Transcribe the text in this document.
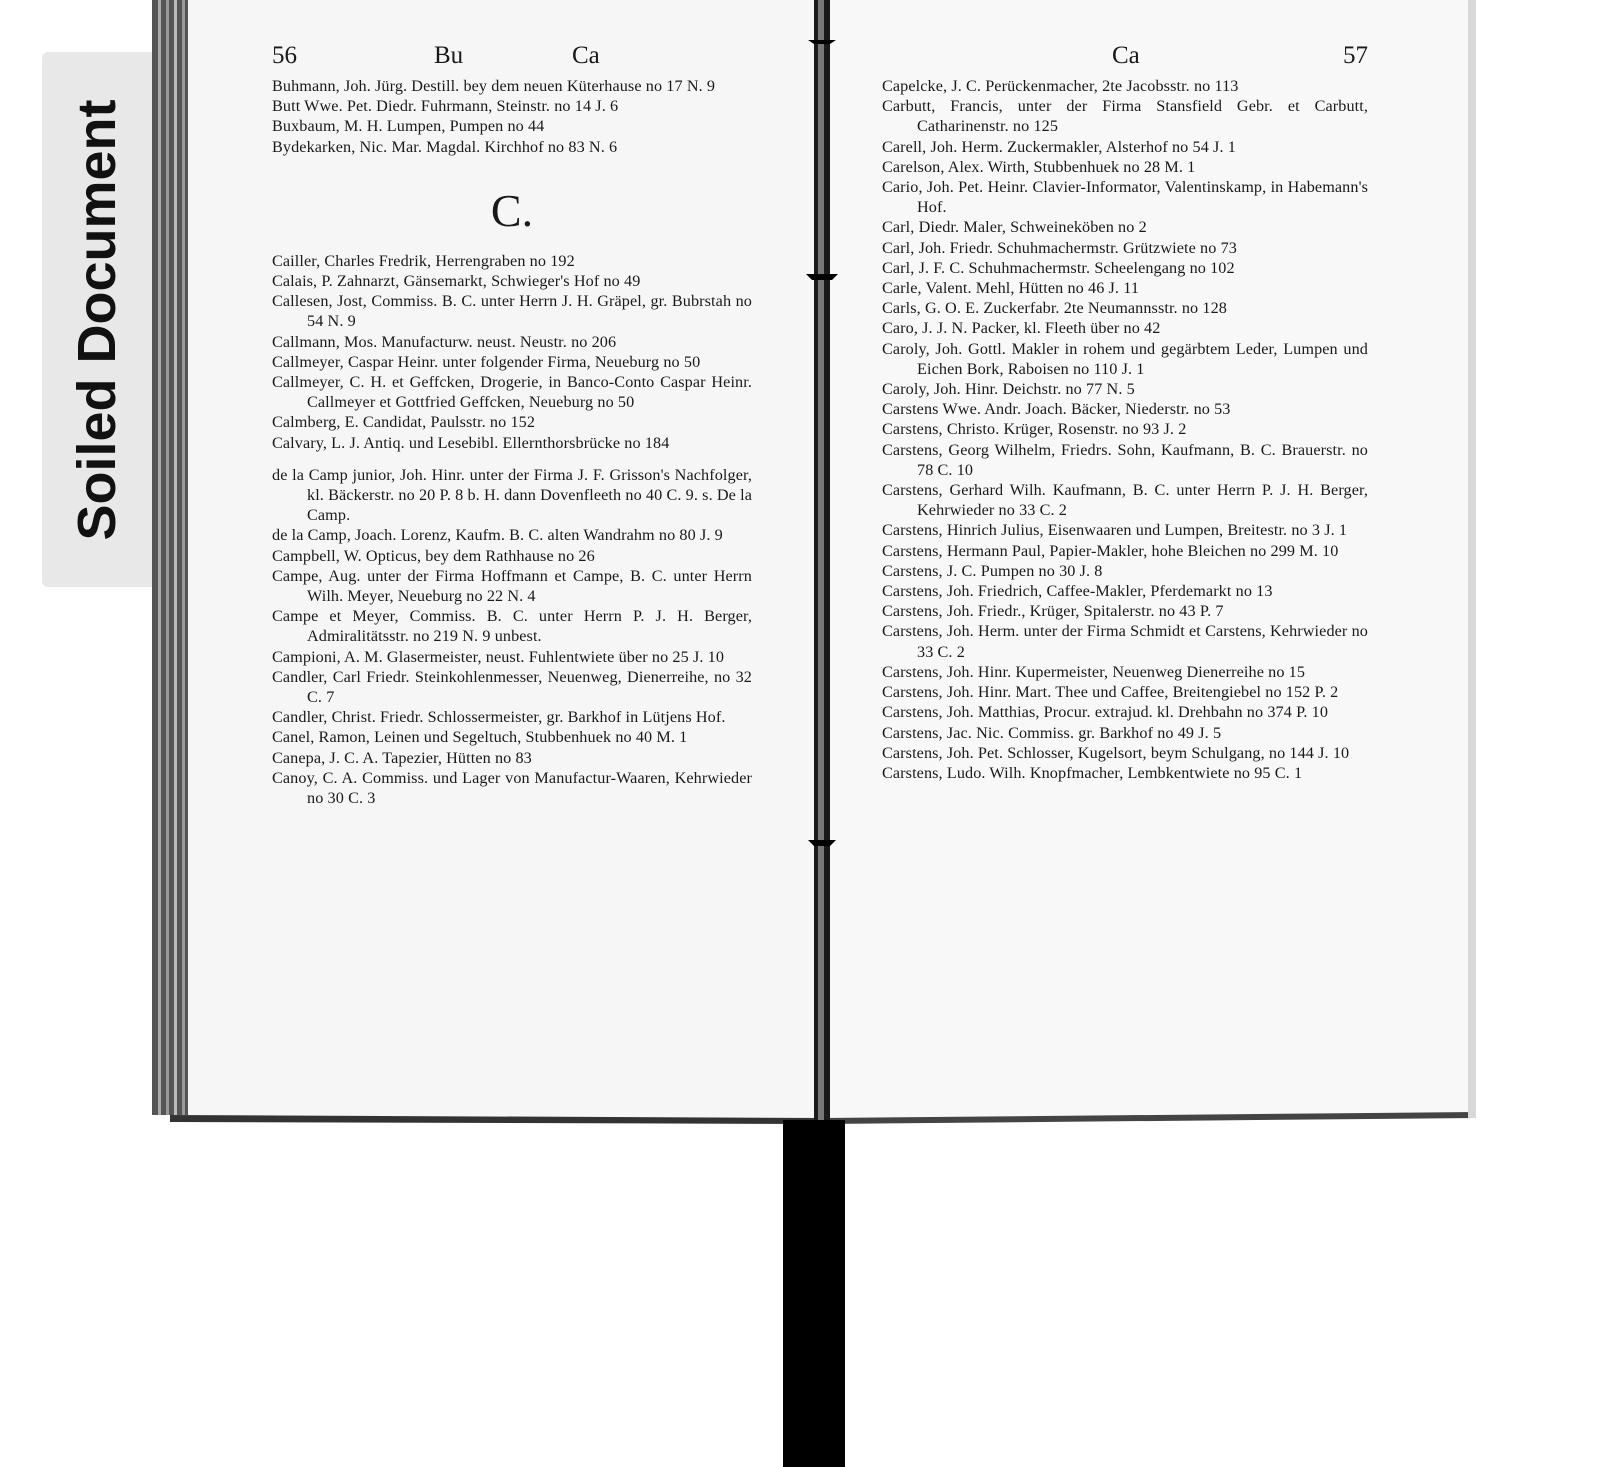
Soiled Document
56	Bu	Ca
Buhmann, Joh. Jürg. Destill. bey dem neuen Küterhause no 17 N. 9
Butt Wwe. Pet. Diedr. Fuhrmann, Steinstr. no 14 J. 6
Buxbaum, M. H. Lumpen, Pumpen no 44
Bydekarken, Nic. Mar. Magdal. Kirchhof no 83 N. 6
C.
Cailler, Charles Fredrik, Herrengraben no 192
Calais, P. Zahnarzt, Gänsemarkt, Schwieger's Hof no 49
Callesen, Jost, Commiss. B. C. unter Herrn J. H. Gräpel, gr. Bubrstah no 54 N. 9
Callmann, Mos. Manufacturw. neust. Neustr. no 206
Callmeyer, Caspar Heinr. unter folgender Firma, Neueburg no 50
Callmeyer, C. H. et Geffcken, Drogerie, in Banco-Conto Caspar Heinr. Callmeyer et Gottfried Geffcken, Neueburg no 50
Calmberg, E. Candidat, Paulsstr. no 152
Calvary, L. J. Antiq. und Lesebibl. Ellernthorsbrücke no 184
de la Camp junior, Joh. Hinr. unter der Firma J. F. Grisson's Nachfolger, kl. Bäckerstr. no 20 P. 8 b. H. dann Dovenfleeth no 40 C. 9. s. De la Camp.
de la Camp, Joach. Lorenz, Kaufm. B. C. alten Wandrahm no 80 J. 9
Campbell, W. Opticus, bey dem Rathhause no 26
Campe, Aug. unter der Firma Hoffmann et Campe, B. C. unter Herrn Wilh. Meyer, Neueburg no 22 N. 4
Campe et Meyer, Commiss. B. C. unter Herrn P. J. H. Berger, Admiralitätsstr. no 219 N. 9 unbest.
Campioni, A. M. Glasermeister, neust. Fuhlentwiete über no 25 J. 10
Candler, Carl Friedr. Steinkohlenmesser, Neuenweg, Dienerreihe, no 32 C. 7
Candler, Christ. Friedr. Schlossermeister, gr. Barkhof in Lütjens Hof.
Canel, Ramon, Leinen und Segeltuch, Stubbenhuek no 40 M. 1
Canepa, J. C. A. Tapezier, Hütten no 83
Canoy, C. A. Commiss. und Lager von Manufactur-Waaren, Kehrwieder no 30 C. 3
Ca	57
Capelcke, J. C. Perückenmacher, 2te Jacobsstr. no 113
Carbutt, Francis, unter der Firma Stansfield Gebr. et Carbutt, Catharinenstr. no 125
Carell, Joh. Herm. Zuckermakler, Alsterhof no 54 J. 1
Carelson, Alex. Wirth, Stubbenhuek no 28 M. 1
Cario, Joh. Pet. Heinr. Clavier-Informator, Valentinskamp, in Habemann's Hof.
Carl, Diedr. Maler, Schweineköben no 2
Carl, Joh. Friedr. Schuhmachermstr. Grützwiete no 73
Carl, J. F. C. Schuhmachermstr. Scheelengang no 102
Carle, Valent. Mehl, Hütten no 46 J. 11
Carls, G. O. E. Zuckerfabr. 2te Neumannsstr. no 128
Caro, J. J. N. Packer, kl. Fleeth über no 42
Caroly, Joh. Gottl. Makler in rohem und gegärbtem Leder, Lumpen und Eichen Bork, Raboisen no 110 J. 1
Caroly, Joh. Hinr. Deichstr. no 77 N. 5
Carstens Wwe. Andr. Joach. Bäcker, Niederstr. no 53
Carstens, Christo. Krüger, Rosenstr. no 93 J. 2
Carstens, Georg Wilhelm, Friedrs. Sohn, Kaufmann, B. C. Brauerstr. no 78 C. 10
Carstens, Gerhard Wilh. Kaufmann, B. C. unter Herrn P. J. H. Berger, Kehrwieder no 33 C. 2
Carstens, Hinrich Julius, Eisenwaaren und Lumpen, Breitestr. no 3 J. 1
Carstens, Hermann Paul, Papier-Makler, hohe Bleichen no 299 M. 10
Carstens, J. C. Pumpen no 30 J. 8
Carstens, Joh. Friedrich, Caffee-Makler, Pferdemarkt no 13
Carstens, Joh. Friedr., Krüger, Spitalerstr. no 43 P. 7
Carstens, Joh. Herm. unter der Firma Schmidt et Carstens, Kehrwieder no 33 C. 2
Carstens, Joh. Hinr. Kupermeister, Neuenweg Dienerreihe no 15
Carstens, Joh. Hinr. Mart. Thee und Caffee, Breitengiebel no 152 P. 2
Carstens, Joh. Matthias, Procur. extrajud. kl. Drehbahn no 374 P. 10
Carstens, Jac. Nic. Commiss. gr. Barkhof no 49 J. 5
Carstens, Joh. Pet. Schlosser, Kugelsort, beym Schulgang, no 144 J. 10
Carstens, Ludo. Wilh. Knopfmacher, Lembkentwiete no 95 C. 1
